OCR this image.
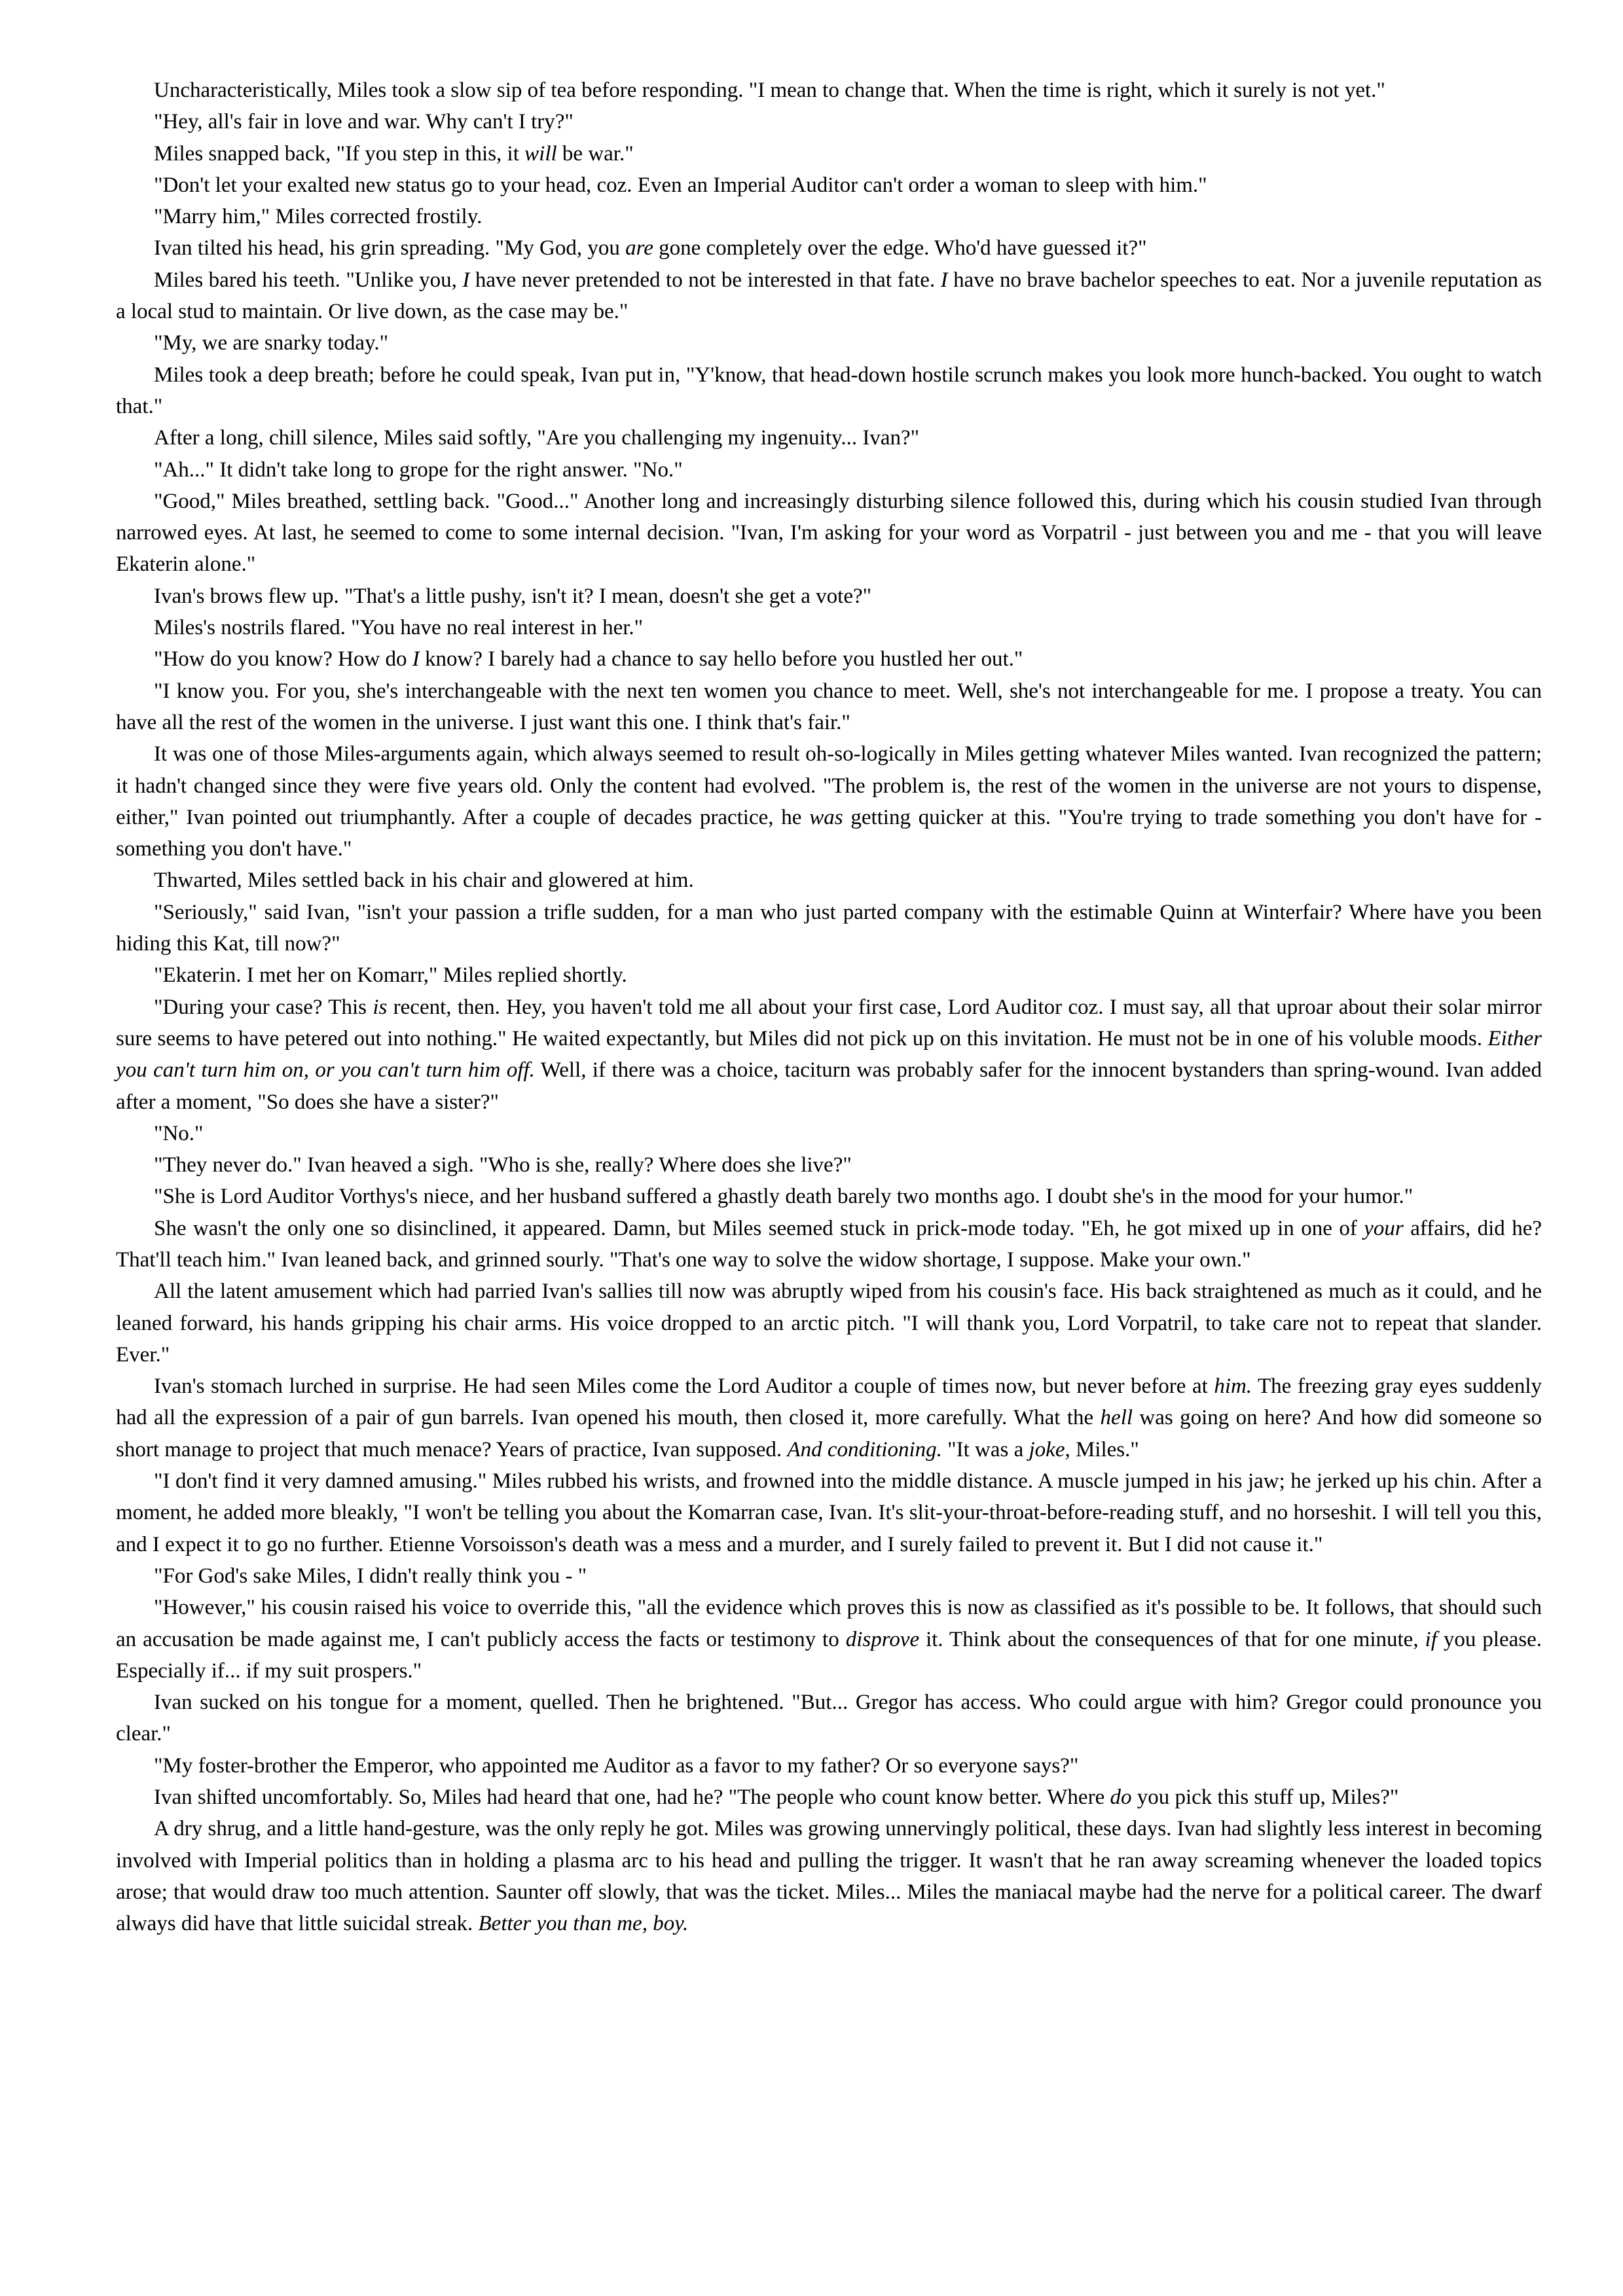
Uncharacteristically, Miles took a slow sip of tea before responding. "I mean to change that. When the time is right, which it surely is not yet."

"Hey, all's fair in love and war. Why can't I try?"

Miles snapped back, "If you step in this, it will be war."

"Don't let your exalted new status go to your head, coz. Even an Imperial Auditor can't order a woman to sleep with him."

"Marry him," Miles corrected frostily.

Ivan tilted his head, his grin spreading. "My God, you are gone completely over the edge. Who'd have guessed it?"

Miles bared his teeth. "Unlike you, I have never pretended to not be interested in that fate. I have no brave bachelor speeches to eat. Nor a juvenile reputation as a local stud to maintain. Or live down, as the case may be."

"My, we are snarky today."

Miles took a deep breath; before he could speak, Ivan put in, "Y'know, that head-down hostile scrunch makes you look more hunch-backed. You ought to watch that."

After a long, chill silence, Miles said softly, "Are you challenging my ingenuity... Ivan?"

"Ah..." It didn't take long to grope for the right answer. "No."

"Good," Miles breathed, settling back. "Good..." Another long and increasingly disturbing silence followed this, during which his cousin studied Ivan through narrowed eyes. At last, he seemed to come to some internal decision. "Ivan, I'm asking for your word as Vorpatril - just between you and me - that you will leave Ekaterin alone."

Ivan's brows flew up. "That's a little pushy, isn't it? I mean, doesn't she get a vote?"

Miles's nostrils flared. "You have no real interest in her."

"How do you know? How do I know? I barely had a chance to say hello before you hustled her out."

"I know you. For you, she's interchangeable with the next ten women you chance to meet. Well, she's not interchangeable for me. I propose a treaty. You can have all the rest of the women in the universe. I just want this one. I think that's fair."

It was one of those Miles-arguments again, which always seemed to result oh-so-logically in Miles getting whatever Miles wanted. Ivan recognized the pattern; it hadn't changed since they were five years old. Only the content had evolved. "The problem is, the rest of the women in the universe are not yours to dispense, either," Ivan pointed out triumphantly. After a couple of decades practice, he was getting quicker at this. "You're trying to trade something you don't have for - something you don't have."

Thwarted, Miles settled back in his chair and glowered at him.

"Seriously," said Ivan, "isn't your passion a trifle sudden, for a man who just parted company with the estimable Quinn at Winterfair? Where have you been hiding this Kat, till now?"

"Ekaterin. I met her on Komarr," Miles replied shortly.

"During your case? This is recent, then. Hey, you haven't told me all about your first case, Lord Auditor coz. I must say, all that uproar about their solar mirror sure seems to have petered out into nothing." He waited expectantly, but Miles did not pick up on this invitation. He must not be in one of his voluble moods. Either you can't turn him on, or you can't turn him off. Well, if there was a choice, taciturn was probably safer for the innocent bystanders than spring-wound. Ivan added after a moment, "So does she have a sister?"

"No."

"They never do." Ivan heaved a sigh. "Who is she, really? Where does she live?"

"She is Lord Auditor Vorthys's niece, and her husband suffered a ghastly death barely two months ago. I doubt she's in the mood for your humor."

She wasn't the only one so disinclined, it appeared. Damn, but Miles seemed stuck in prick-mode today. "Eh, he got mixed up in one of your affairs, did he? That'll teach him." Ivan leaned back, and grinned sourly. "That's one way to solve the widow shortage, I suppose. Make your own."

All the latent amusement which had parried Ivan's sallies till now was abruptly wiped from his cousin's face. His back straightened as much as it could, and he leaned forward, his hands gripping his chair arms. His voice dropped to an arctic pitch. "I will thank you, Lord Vorpatril, to take care not to repeat that slander. Ever."

Ivan's stomach lurched in surprise. He had seen Miles come the Lord Auditor a couple of times now, but never before at him. The freezing gray eyes suddenly had all the expression of a pair of gun barrels. Ivan opened his mouth, then closed it, more carefully. What the hell was going on here? And how did someone so short manage to project that much menace? Years of practice, Ivan supposed. And conditioning. "It was a joke, Miles."

"I don't find it very damned amusing." Miles rubbed his wrists, and frowned into the middle distance. A muscle jumped in his jaw; he jerked up his chin. After a moment, he added more bleakly, "I won't be telling you about the Komarran case, Ivan. It's slit-your-throat-before-reading stuff, and no horseshit. I will tell you this, and I expect it to go no further. Etienne Vorsoisson's death was a mess and a murder, and I surely failed to prevent it. But I did not cause it."

"For God's sake Miles, I didn't really think you - "

"However," his cousin raised his voice to override this, "all the evidence which proves this is now as classified as it's possible to be. It follows, that should such an accusation be made against me, I can't publicly access the facts or testimony to disprove it. Think about the consequences of that for one minute, if you please. Especially if... if my suit prospers."

Ivan sucked on his tongue for a moment, quelled. Then he brightened. "But... Gregor has access. Who could argue with him? Gregor could pronounce you clear."

"My foster-brother the Emperor, who appointed me Auditor as a favor to my father? Or so everyone says?"

Ivan shifted uncomfortably. So, Miles had heard that one, had he? "The people who count know better. Where do you pick this stuff up, Miles?"

A dry shrug, and a little hand-gesture, was the only reply he got. Miles was growing unnervingly political, these days. Ivan had slightly less interest in becoming involved with Imperial politics than in holding a plasma arc to his head and pulling the trigger. It wasn't that he ran away screaming whenever the loaded topics arose; that would draw too much attention. Saunter off slowly, that was the ticket. Miles... Miles the maniacal maybe had the nerve for a political career. The dwarf always did have that little suicidal streak. Better you than me, boy.
